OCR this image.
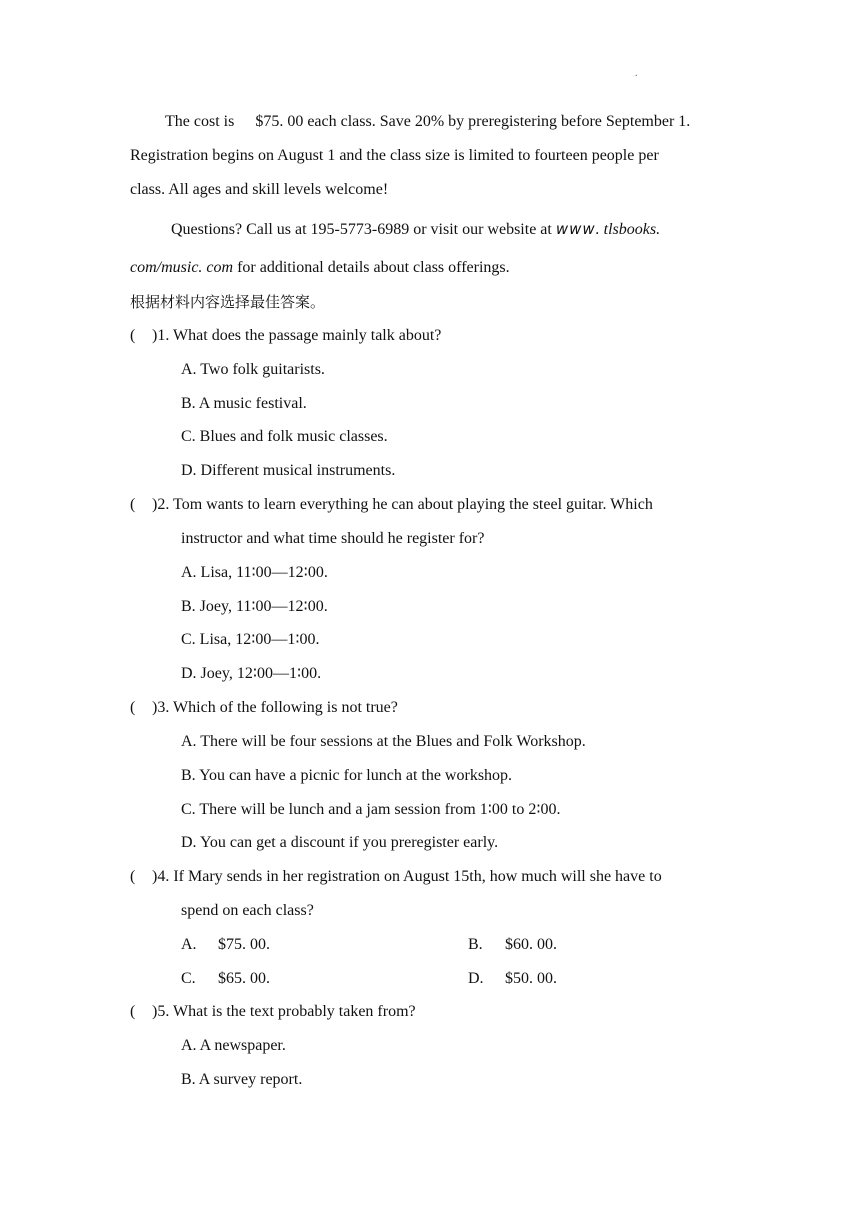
.
The cost is $75. 00 each class. Save 20% by preregistering before September 1.
Registration begins on August 1 and the class size is limited to fourteen people per
class. All ages and skill levels welcome!
Questions? Call us at 195-5773-6989 or visit our website at www. tlsbooks.
com/music. com for additional details about class offerings.
根据材料内容选择最佳答案。
( )1. What does the passage mainly talk about?
A. Two folk guitarists.
B. A music festival.
C. Blues and folk music classes.
D. Different musical instruments.
( )2. Tom wants to learn everything he can about playing the steel guitar. Which
instructor and what time should he register for?
A. Lisa, 11∶00—12∶00.
B. Joey, 11∶00—12∶00.
C. Lisa, 12∶00—1∶00.
D. Joey, 12∶00—1∶00.
( )3. Which of the following is not true?
A. There will be four sessions at the Blues and Folk Workshop.
B. You can have a picnic for lunch at the workshop.
C. There will be lunch and a jam session from 1∶00 to 2∶00.
D. You can get a discount if you preregister early.
( )4. If Mary sends in her registration on August 15th, how much will she have to
spend on each class?
A. $75. 00.	B. $60. 00.
C. $65. 00.	D. $50. 00.
( )5. What is the text probably taken from?
A. A newspaper.
B. A survey report.
